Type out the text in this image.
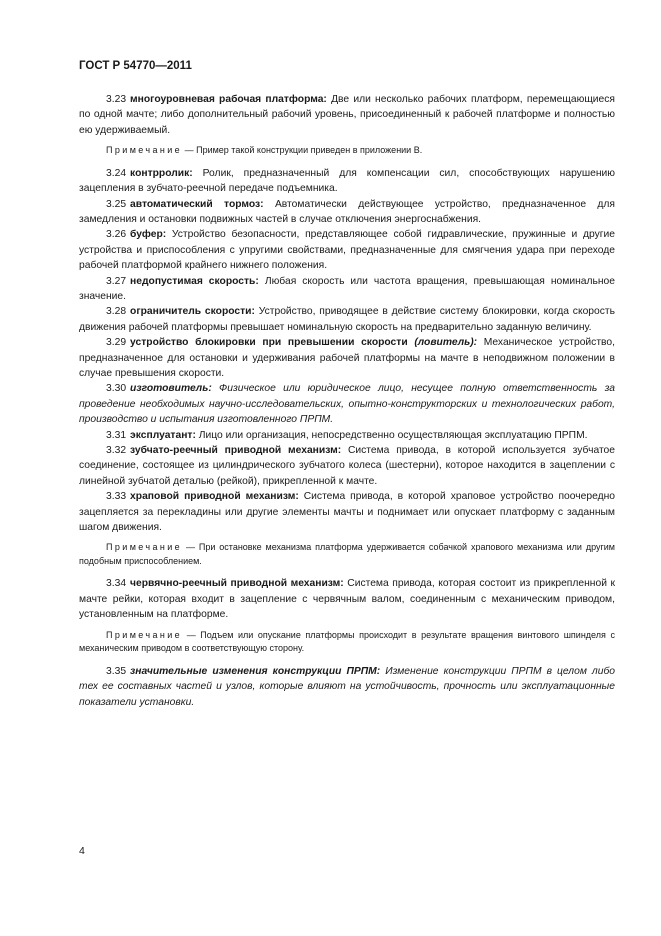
ГОСТ Р 54770—2011

3.23 многоуровневая рабочая платформа: Две или несколько рабочих платформ, перемещающиеся по одной мачте; либо дополнительный рабочий уровень, присоединенный к рабочей платформе и полностью ею удерживаемый.

Примечание — Пример такой конструкции приведен в приложении В.

3.24 контрролик: Ролик, предназначенный для компенсации сил, способствующих нарушению зацепления в зубчато-реечной передаче подъемника.

3.25 автоматический тормоз: Автоматически действующее устройство, предназначенное для замедления и остановки подвижных частей в случае отключения энергоснабжения.

3.26 буфер: Устройство безопасности, представляющее собой гидравлические, пружинные и другие устройства и приспособления с упругими свойствами, предназначенные для смягчения удара при переходе рабочей платформой крайнего нижнего положения.

3.27 недопустимая скорость: Любая скорость или частота вращения, превышающая номинальное значение.

3.28 ограничитель скорости: Устройство, приводящее в действие систему блокировки, когда скорость движения рабочей платформы превышает номинальную скорость на предварительно заданную величину.

3.29 устройство блокировки при превышении скорости (ловитель): Механическое устройство, предназначенное для остановки и удерживания рабочей платформы на мачте в неподвижном положении в случае превышения скорости.

3.30 изготовитель: Физическое или юридическое лицо, несущее полную ответственность за проведение необходимых научно-исследовательских, опытно-конструкторских и технологических работ, производство и испытания изготовленного ПРПМ.

3.31 эксплуатант: Лицо или организация, непосредственно осуществляющая эксплуатацию ПРПМ.

3.32 зубчато-реечный приводной механизм: Система привода, в которой используется зубчатое соединение, состоящее из цилиндрического зубчатого колеса (шестерни), которое находится в зацеплении с линейной зубчатой деталью (рейкой), прикрепленной к мачте.

3.33 храповой приводной механизм: Система привода, в которой храповое устройство поочередно зацепляется за перекладины или другие элементы мачты и поднимает или опускает платформу с заданным шагом движения.

Примечание — При остановке механизма платформа удерживается собачкой храпового механизма или другим подобным приспособлением.

3.34 червячно-реечный приводной механизм: Система привода, которая состоит из прикрепленной к мачте рейки, которая входит в зацепление с червячным валом, соединенным с механическим приводом, установленным на платформе.

Примечание — Подъем или опускание платформы происходит в результате вращения винтового шпинделя с механическим приводом в соответствующую сторону.

3.35 значительные изменения конструкции ПРПМ: Изменение конструкции ПРПМ в целом либо тех ее составных частей и узлов, которые влияют на устойчивость, прочность или эксплуатационные показатели установки.

4
